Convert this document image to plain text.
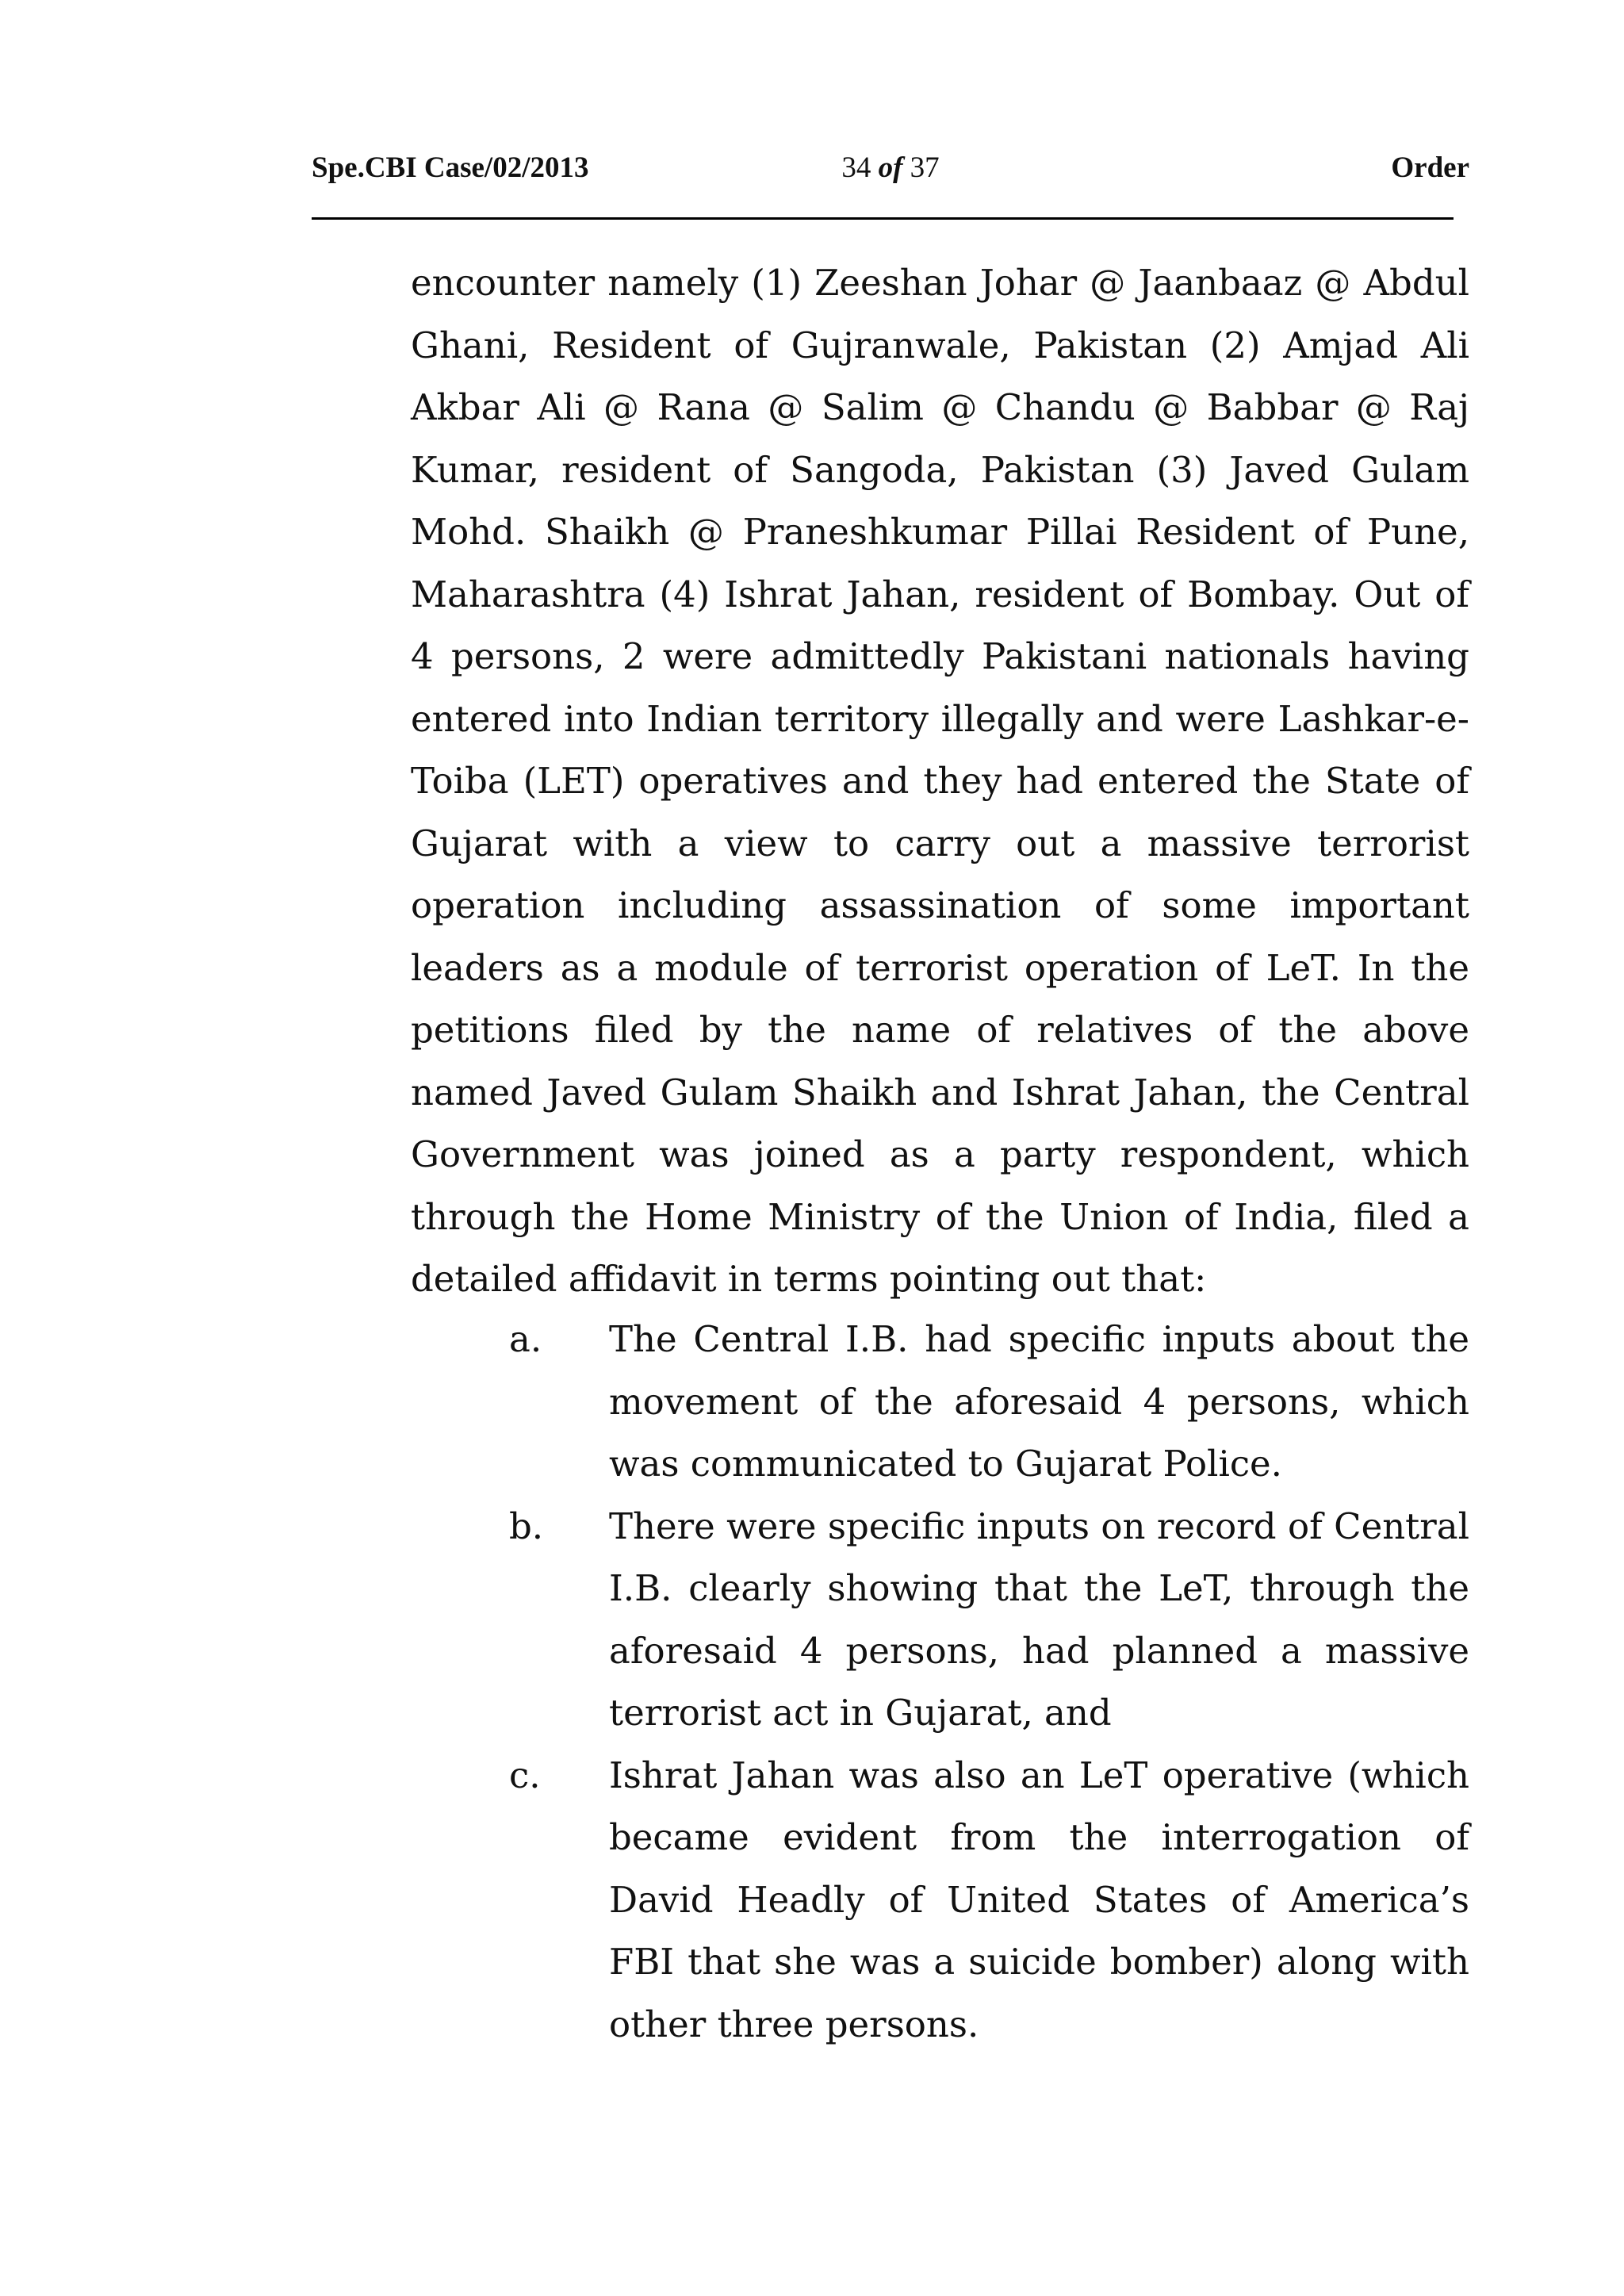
Spe.CBI Case/02/2013	34 of 37	Order

encounter namely (1) Zeeshan Johar @ Jaanbaaz @ Abdul Ghani, Resident of Gujranwale, Pakistan (2) Amjad Ali Akbar Ali @ Rana @ Salim @ Chandu @ Babbar @ Raj Kumar, resident of Sangoda, Pakistan (3) Javed Gulam Mohd. Shaikh @ Praneshkumar Pillai Resident of Pune, Maharashtra (4) Ishrat Jahan, resident of Bombay. Out of 4 persons, 2 were admittedly Pakistani nationals having entered into Indian territory illegally and were Lashkar-e-Toiba (LET) operatives and they had entered the State of Gujarat with a view to carry out a massive terrorist operation including assassination of some important leaders as a module of terrorist operation of LeT. In the petitions filed by the name of relatives of the above named Javed Gulam Shaikh and Ishrat Jahan, the Central Government was joined as a party respondent, which through the Home Ministry of the Union of India, filed a detailed affidavit in terms pointing out that:

a. The Central I.B. had specific inputs about the movement of the aforesaid 4 persons, which was communicated to Gujarat Police.
b. There were specific inputs on record of Central I.B. clearly showing that the LeT, through the aforesaid 4 persons, had planned a massive terrorist act in Gujarat, and
c. Ishrat Jahan was also an LeT operative (which became evident from the interrogation of David Headly of United States of America’s FBI that she was a suicide bomber) along with other three persons.
